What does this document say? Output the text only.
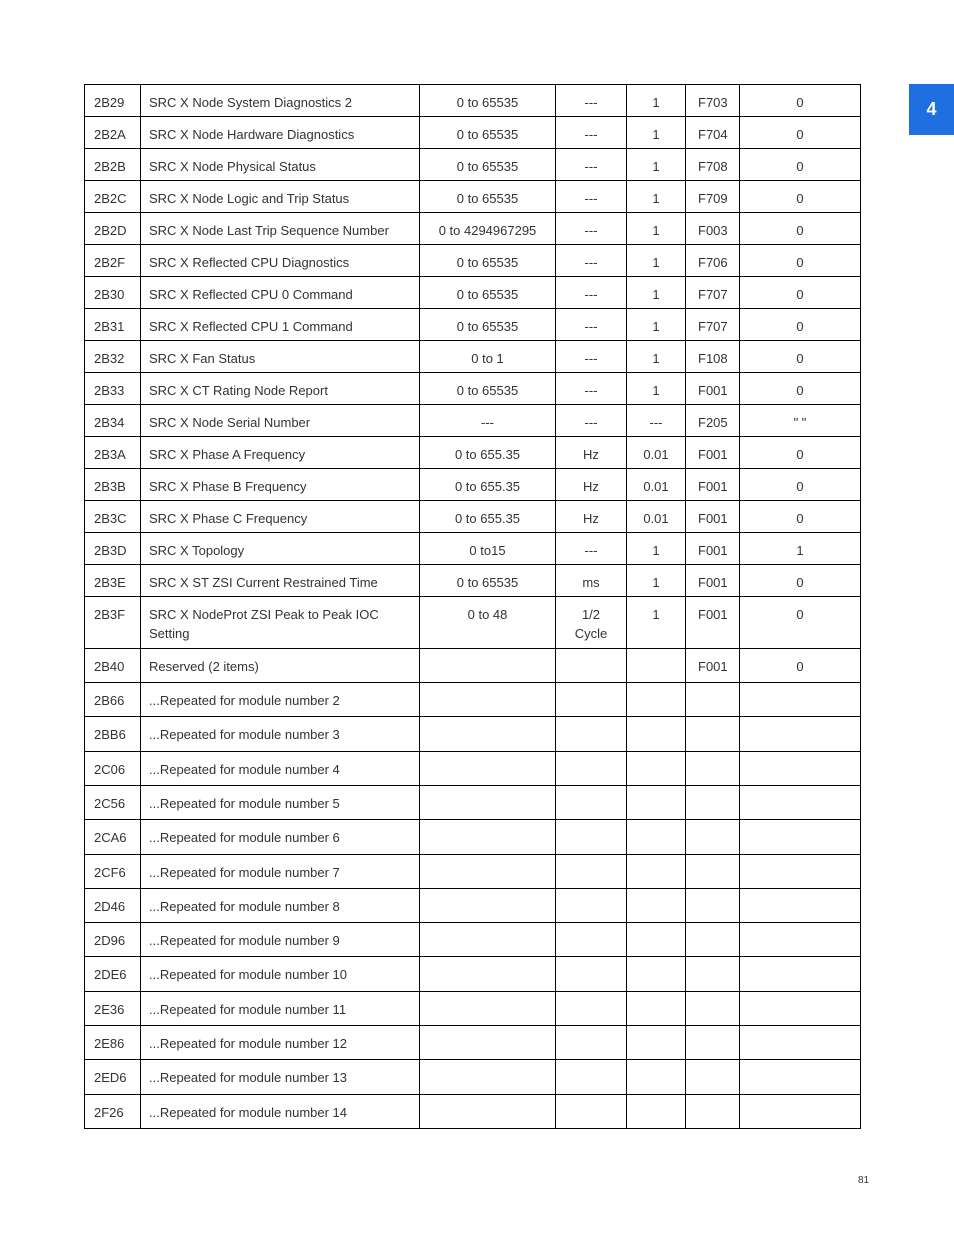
4
2B29	SRC X Node System Diagnostics 2	0 to 65535	---	1	F703	0
2B2A	SRC X Node Hardware Diagnostics	0 to 65535	---	1	F704	0
2B2B	SRC X Node Physical Status	0 to 65535	---	1	F708	0
2B2C	SRC X Node Logic and Trip Status	0 to 65535	---	1	F709	0
2B2D	SRC X Node Last Trip Sequence Number	0 to 4294967295	---	1	F003	0
2B2F	SRC X Reflected CPU Diagnostics	0 to 65535	---	1	F706	0
2B30	SRC X Reflected CPU 0 Command	0 to 65535	---	1	F707	0
2B31	SRC X Reflected CPU 1 Command	0 to 65535	---	1	F707	0
2B32	SRC X Fan Status	0 to 1	---	1	F108	0
2B33	SRC X CT Rating Node Report	0 to 65535	---	1	F001	0
2B34	SRC X Node Serial Number	---	---	---	F205	" "
2B3A	SRC X Phase A Frequency	0 to 655.35	Hz	0.01	F001	0
2B3B	SRC X Phase B Frequency	0 to 655.35	Hz	0.01	F001	0
2B3C	SRC X Phase C Frequency	0 to 655.35	Hz	0.01	F001	0
2B3D	SRC X Topology	0 to15	---	1	F001	1
2B3E	SRC X ST ZSI Current Restrained Time	0 to 65535	ms	1	F001	0
2B3F	SRC X NodeProt ZSI Peak to Peak IOC Setting	0 to 48	1/2 Cycle	1	F001	0
2B40	Reserved (2 items)				F001	0
2B66	...Repeated for module number 2					
2BB6	...Repeated for module number 3					
2C06	...Repeated for module number 4					
2C56	...Repeated for module number 5					
2CA6	...Repeated for module number 6					
2CF6	...Repeated for module number 7					
2D46	...Repeated for module number 8					
2D96	...Repeated for module number 9					
2DE6	...Repeated for module number 10					
2E36	...Repeated for module number 11					
2E86	...Repeated for module number 12					
2ED6	...Repeated for module number 13					
2F26	...Repeated for module number 14					
81
